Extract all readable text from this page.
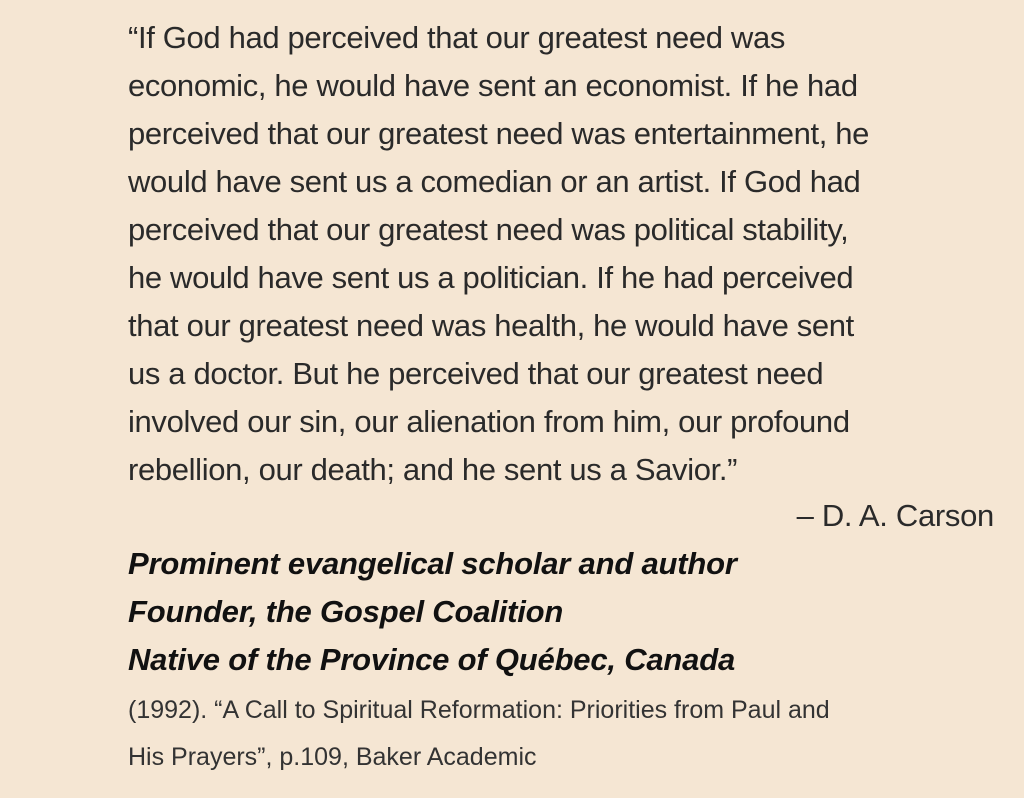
“If God had perceived that our greatest need was
economic, he would have sent an economist. If he had
perceived that our greatest need was entertainment, he
would have sent us a comedian or an artist. If God had
perceived that our greatest need was political stability,
he would have sent us a politician. If he had perceived
that our greatest need was health, he would have sent
us a doctor. But he perceived that our greatest need
involved our sin, our alienation from him, our profound
rebellion, our death; and he sent us a Savior.”
– D. A. Carson
Prominent evangelical scholar and author
Founder, the Gospel Coalition
Native of the Province of Québec, Canada

(1992). “A Call to Spiritual Reformation: Priorities from Paul and
His Prayers”, p.109, Baker Academic
